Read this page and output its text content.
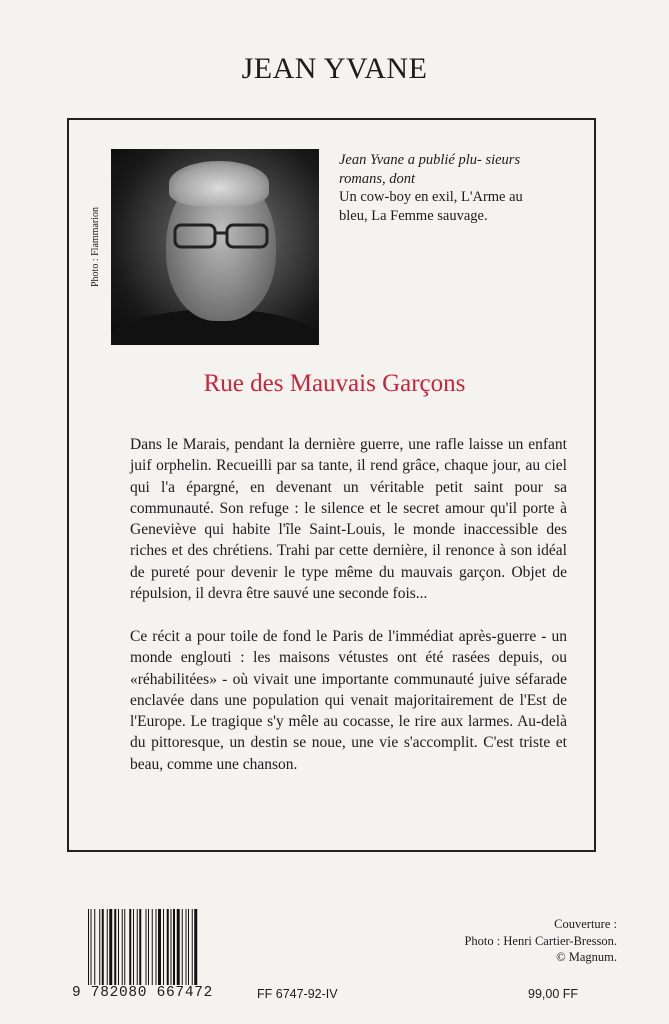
JEAN YVANE
Photo : Flammarion
Jean Yvane a publié plu- sieurs romans, dont
Un cow-boy en exil, L'Arme au bleu, La Femme sauvage.
Rue des Mauvais Garçons

Dans le Marais, pendant la dernière guerre, une rafle laisse un enfant juif orphelin. Recueilli par sa tante, il rend grâce, chaque jour, au ciel qui l'a épargné, en devenant un véritable petit saint pour sa communauté. Son refuge : le silence et le secret amour qu'il porte à Geneviève qui habite l'île Saint-Louis, le monde inaccessible des riches et des chrétiens. Trahi par cette dernière, il renonce à son idéal de pureté pour devenir le type même du mauvais garçon. Objet de répulsion, il devra être sauvé une seconde fois...

Ce récit a pour toile de fond le Paris de l'immédiat après-guerre - un monde englouti : les maisons vétustes ont été rasées depuis, ou «réhabilitées» - où vivait une importante communauté juive séfarade enclavée dans une population qui venait majoritairement de l'Est de l'Europe. Le tragique s'y mêle au cocasse, le rire aux larmes. Au-delà du pittoresque, un destin se noue, une vie s'accomplit. C'est triste et beau, comme une chanson.

9 782080 667472	FF 6747-92-IV	99,00 FF
Couverture :
Photo : Henri Cartier-Bresson.
© Magnum.
